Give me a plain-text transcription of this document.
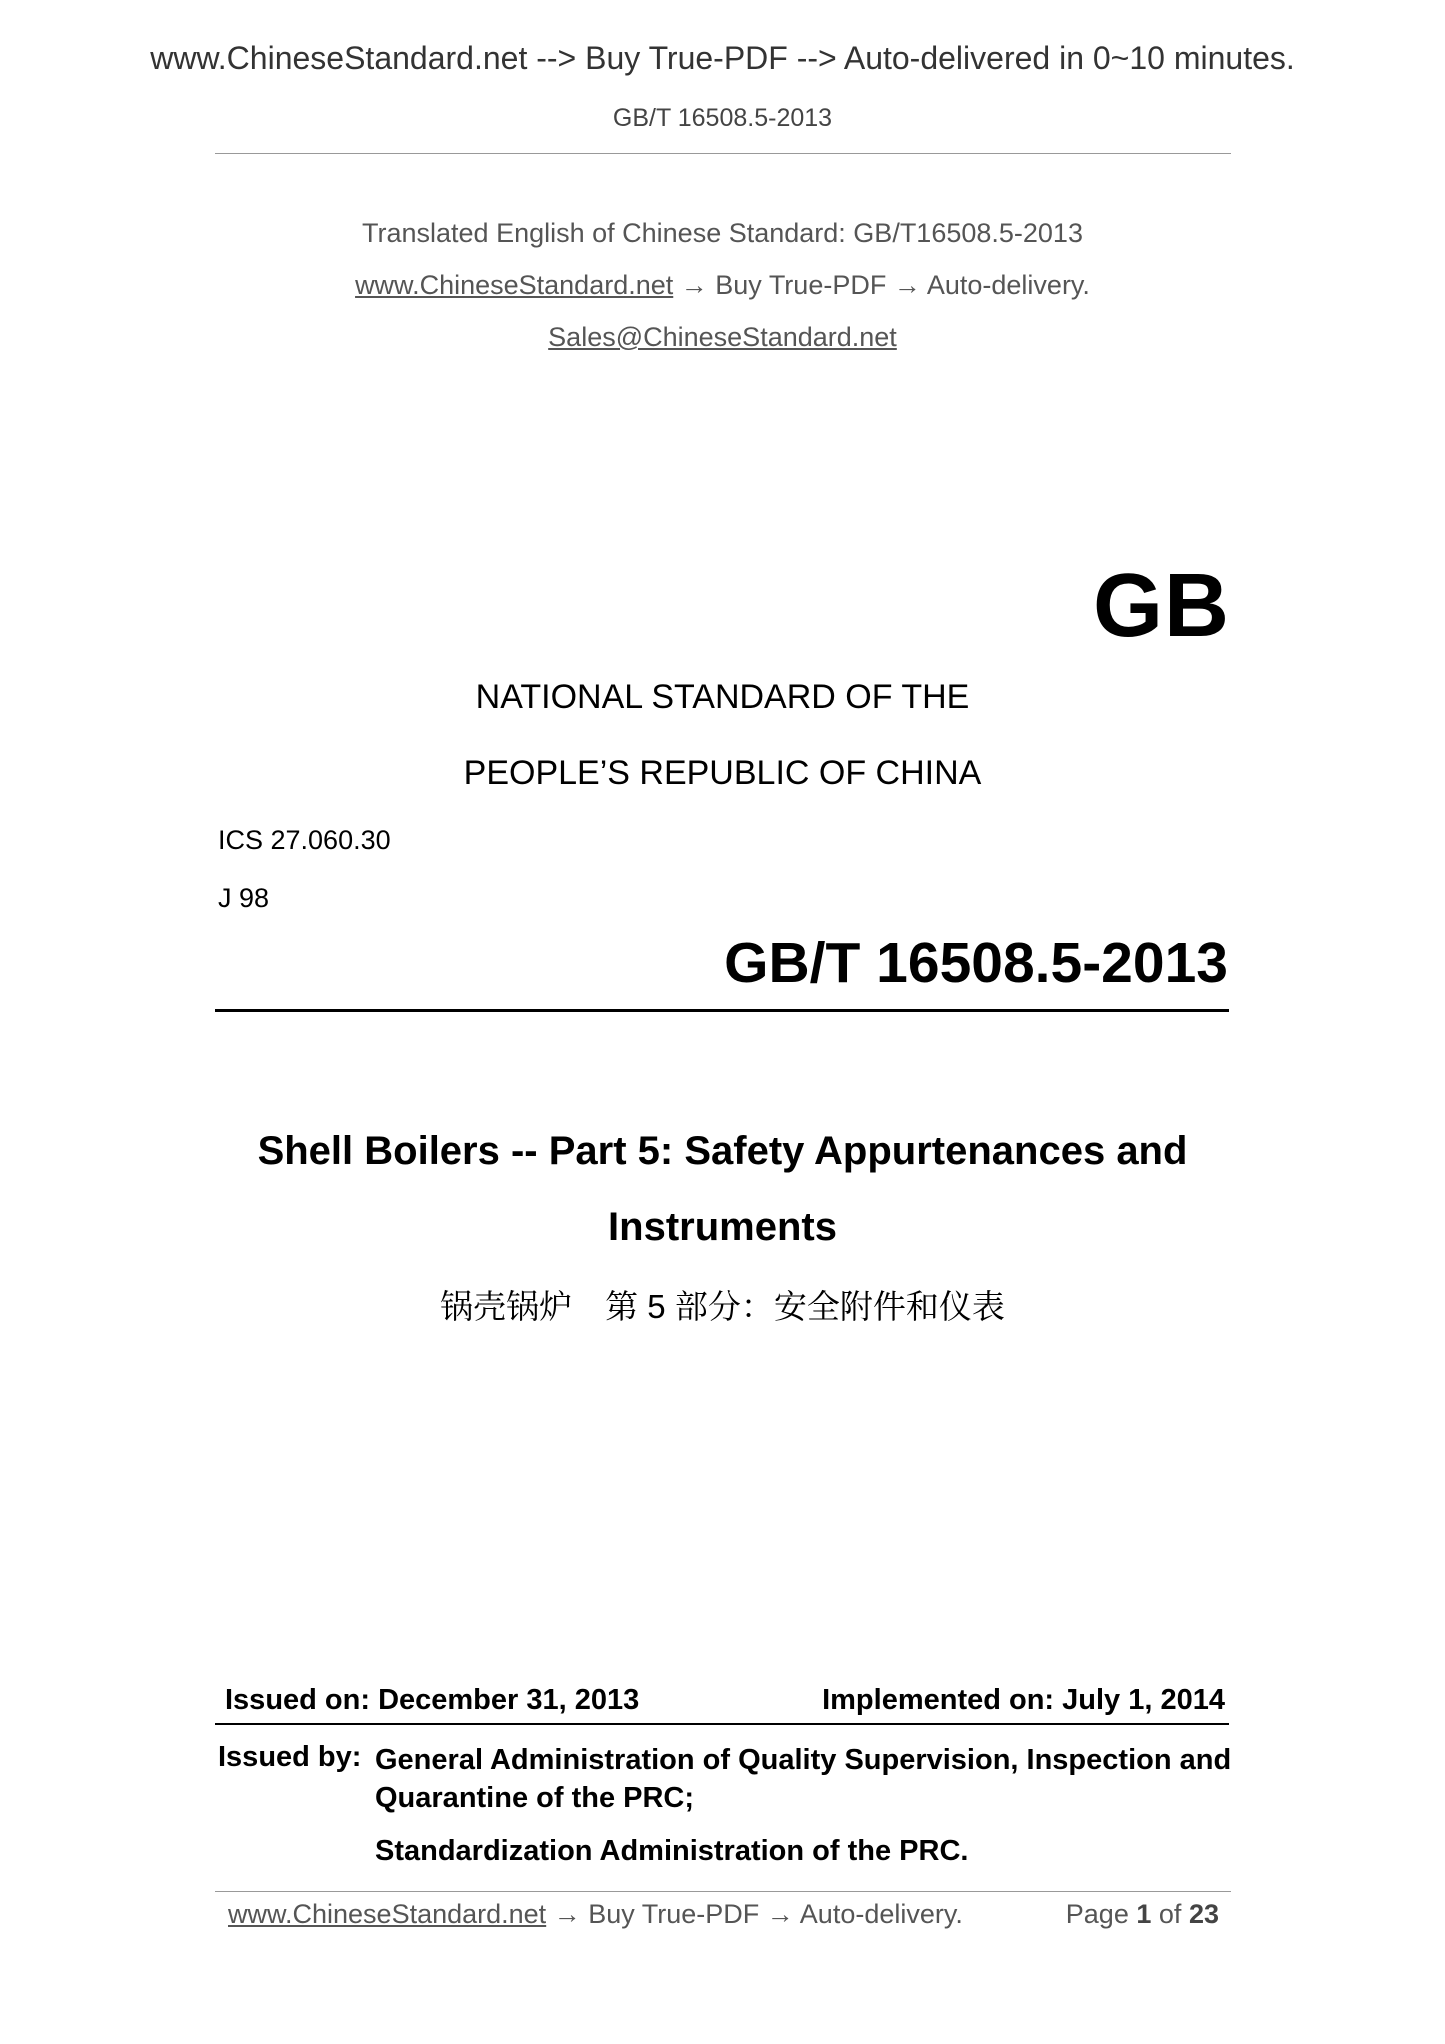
www.ChineseStandard.net --> Buy True-PDF --> Auto-delivered in 0~10 minutes.
GB/T 16508.5-2013
Translated English of Chinese Standard: GB/T16508.5-2013
www.ChineseStandard.net → Buy True-PDF → Auto-delivery.
Sales@ChineseStandard.net
GB
NATIONAL STANDARD OF THE
PEOPLE’S REPUBLIC OF CHINA
ICS 27.060.30
J 98
GB/T 16508.5-2013
Shell Boilers -- Part 5: Safety Appurtenances and
Instruments
锅壳锅炉　第 5 部分：安全附件和仪表
Issued on: December 31, 2013	Implemented on: July 1, 2014
Issued by: General Administration of Quality Supervision, Inspection and Quarantine of the PRC;
Standardization Administration of the PRC.
www.ChineseStandard.net → Buy True-PDF → Auto-delivery.	Page 1 of 23
